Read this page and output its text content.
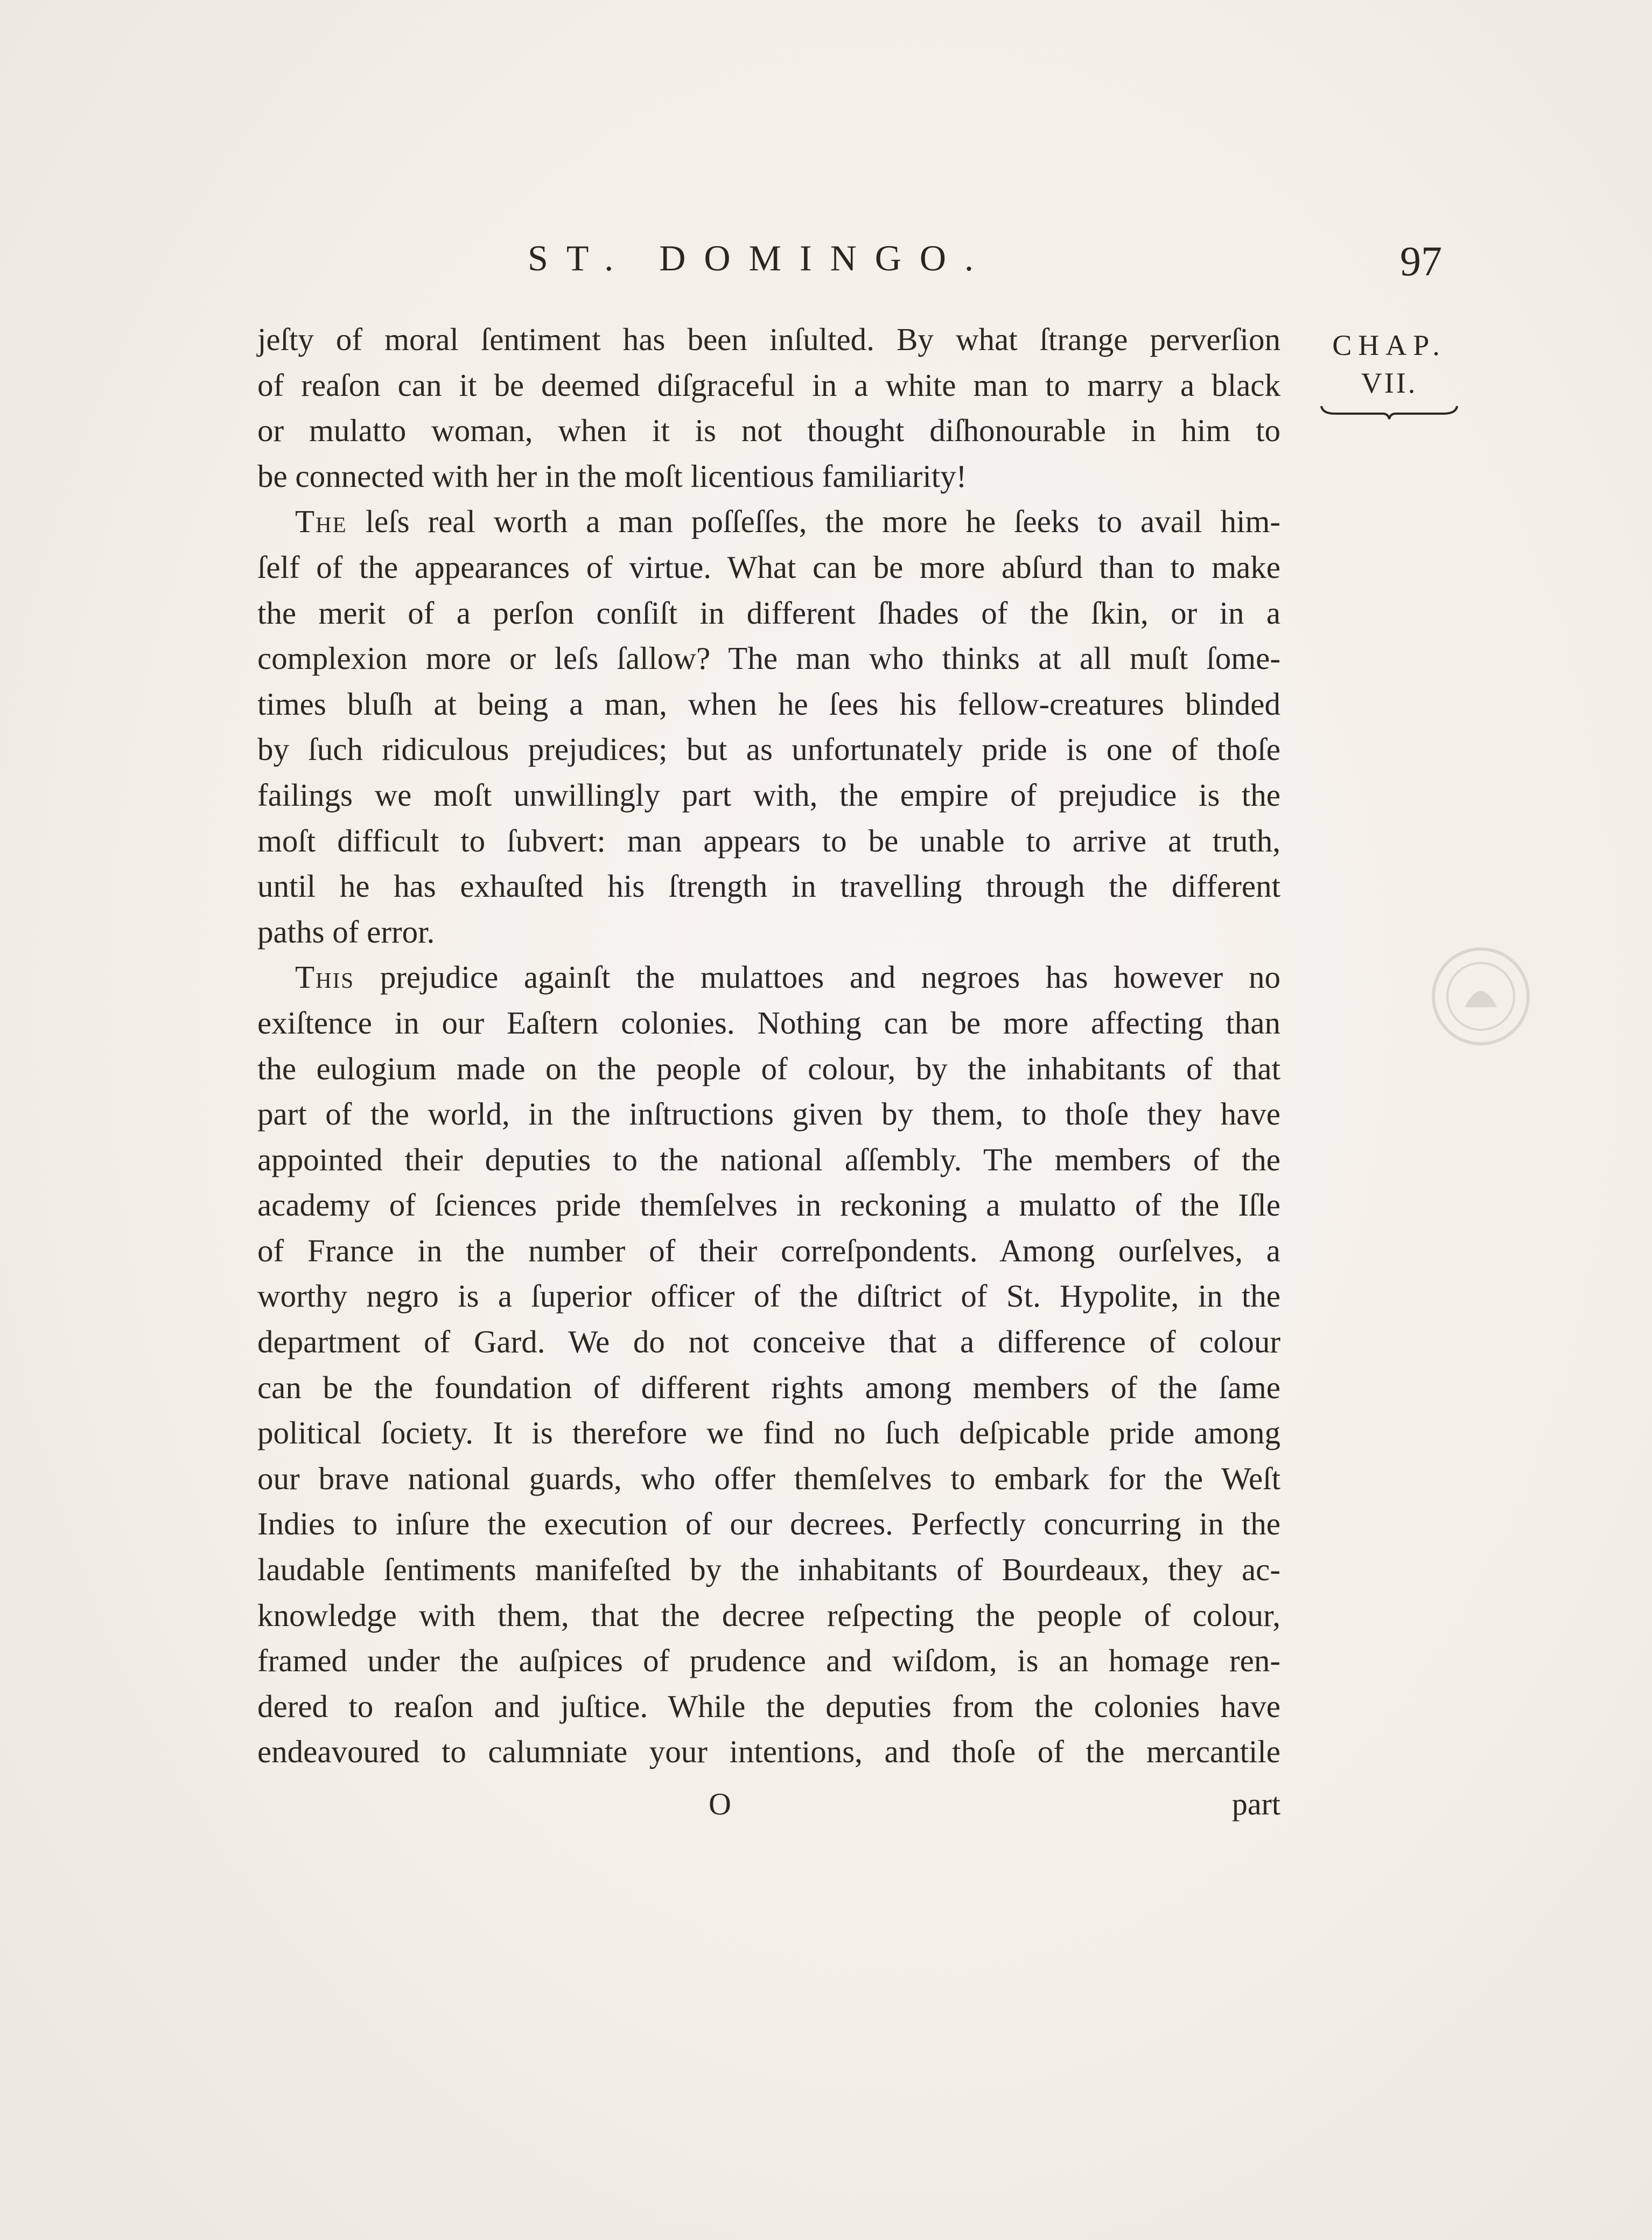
ST. DOMINGO.	97
CHAP.
VII.
jeſty of moral ſentiment has been inſulted. By what ſtrange perverſion
of reaſon can it be deemed diſgraceful in a white man to marry a black
or mulatto woman, when it is not thought diſhonourable in him to
be connected with her in the moſt licentious familiarity!
The leſs real worth a man poſſeſſes, the more he ſeeks to avail him-
ſelf of the appearances of virtue. What can be more abſurd than to make
the merit of a perſon conſiſt in different ſhades of the ſkin, or in a
complexion more or leſs ſallow? The man who thinks at all muſt ſome-
times bluſh at being a man, when he ſees his fellow-creatures blinded
by ſuch ridiculous prejudices; but as unfortunately pride is one of thoſe
failings we moſt unwillingly part with, the empire of prejudice is the
moſt difficult to ſubvert: man appears to be unable to arrive at truth,
until he has exhauſted his ſtrength in travelling through the different
paths of error.
This prejudice againſt the mulattoes and negroes has however no
exiſtence in our Eaſtern colonies. Nothing can be more affecting than
the eulogium made on the people of colour, by the inhabitants of that
part of the world, in the inſtructions given by them, to thoſe they have
appointed their deputies to the national aſſembly. The members of the
academy of ſciences pride themſelves in reckoning a mulatto of the Iſle
of France in the number of their correſpondents. Among ourſelves, a
worthy negro is a ſuperior officer of the diſtrict of St. Hypolite, in the
department of Gard. We do not conceive that a difference of colour
can be the foundation of different rights among members of the ſame
political ſociety. It is therefore we find no ſuch deſpicable pride among
our brave national guards, who offer themſelves to embark for the Weſt
Indies to inſure the execution of our decrees. Perfectly concurring in the
laudable ſentiments manifeſted by the inhabitants of Bourdeaux, they ac-
knowledge with them, that the decree reſpecting the people of colour,
framed under the auſpices of prudence and wiſdom, is an homage ren-
dered to reaſon and juſtice. While the deputies from the colonies have
endeavoured to calumniate your intentions, and thoſe of the mercantile
O	part
